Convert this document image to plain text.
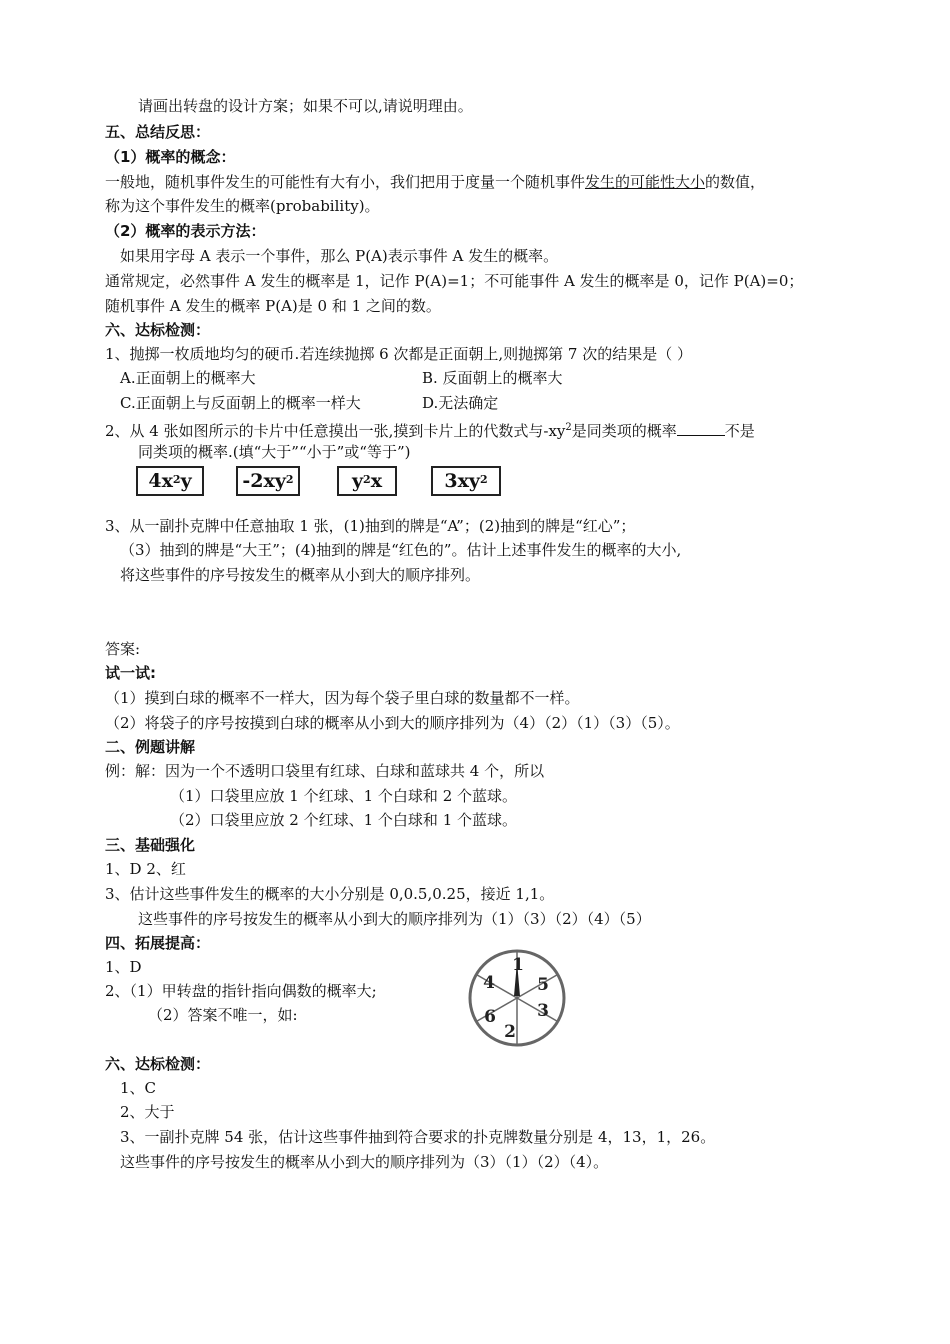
请画出转盘的设计方案；如果不可以,请说明理由。
五、总结反思：
（1）概率的概念：
一般地，随机事件发生的可能性有大有小，我们把用于度量一个随机事件发生的可能性大小的数值，
称为这个事件发生的概率(probability)。
（2）概率的表示方法：
如果用字母 A 表示一个事件，那么 P(A)表示事件 A 发生的概率。
通常规定，必然事件 A 发生的概率是 1，记作 P(A)=1；不可能事件 A 发生的概率是 0，记作 P(A)=0；
随机事件 A 发生的概率 P(A)是 0 和 1 之间的数。
六、达标检测：
1、抛掷一枚质地均匀的硬币.若连续抛掷 6 次都是正面朝上,则抛掷第 7 次的结果是（ ）
A.正面朝上的概率大	B. 反面朝上的概率大
C.正面朝上与反面朝上的概率一样大	D.无法确定
2、从 4 张如图所示的卡片中任意摸出一张,摸到卡片上的代数式与$-xy^2$是同类项的概率	不是
同类项的概率.(填“大于”“小于”或“等于”)
$4x^2$ y	$-2xy^2$	$y^2$ x	$3xy^2$
3、从一副扑克牌中任意抽取 1 张，(1)抽到的牌是“A”；(2)抽到的牌是“红心”；
（3）抽到的牌是“大王”；(4)抽到的牌是“红色的”。估计上述事件发生的概率的大小,
将这些事件的序号按发生的概率从小到大的顺序排列。
答案:
试一试:
（1）摸到白球的概率不一样大，因为每个袋子里白球的数量都不一样。
（2）将袋子的序号按摸到白球的概率从小到大的顺序排列为（4）（2）（1）（3）（5）。
二、例题讲解
例：解：因为一个不透明口袋里有红球、白球和蓝球共 4 个，所以
（1）口袋里应放 1 个红球、1 个白球和 2 个蓝球。
（2）口袋里应放 2 个红球、1 个白球和 1 个蓝球。
三、基础强化
1、D 2、红
3、估计这些事件发生的概率的大小分别是 0,0.5,0.25，接近 1,1。
这些事件的序号按发生的概率从小到大的顺序排列为（1）（3）（2）（4）（5）
四、拓展提高：
1、D
2、（1）甲转盘的指针指向偶数的概率大;
（2）答案不唯一，如:
1
5
3
2
6
4
六、达标检测：
1、C
2、大于
3、一副扑克牌 54 张，估计这些事件抽到符合要求的扑克牌数量分别是 4，13，1，26。
这些事件的序号按发生的概率从小到大的顺序排列为（3）（1）（2）（4）。
